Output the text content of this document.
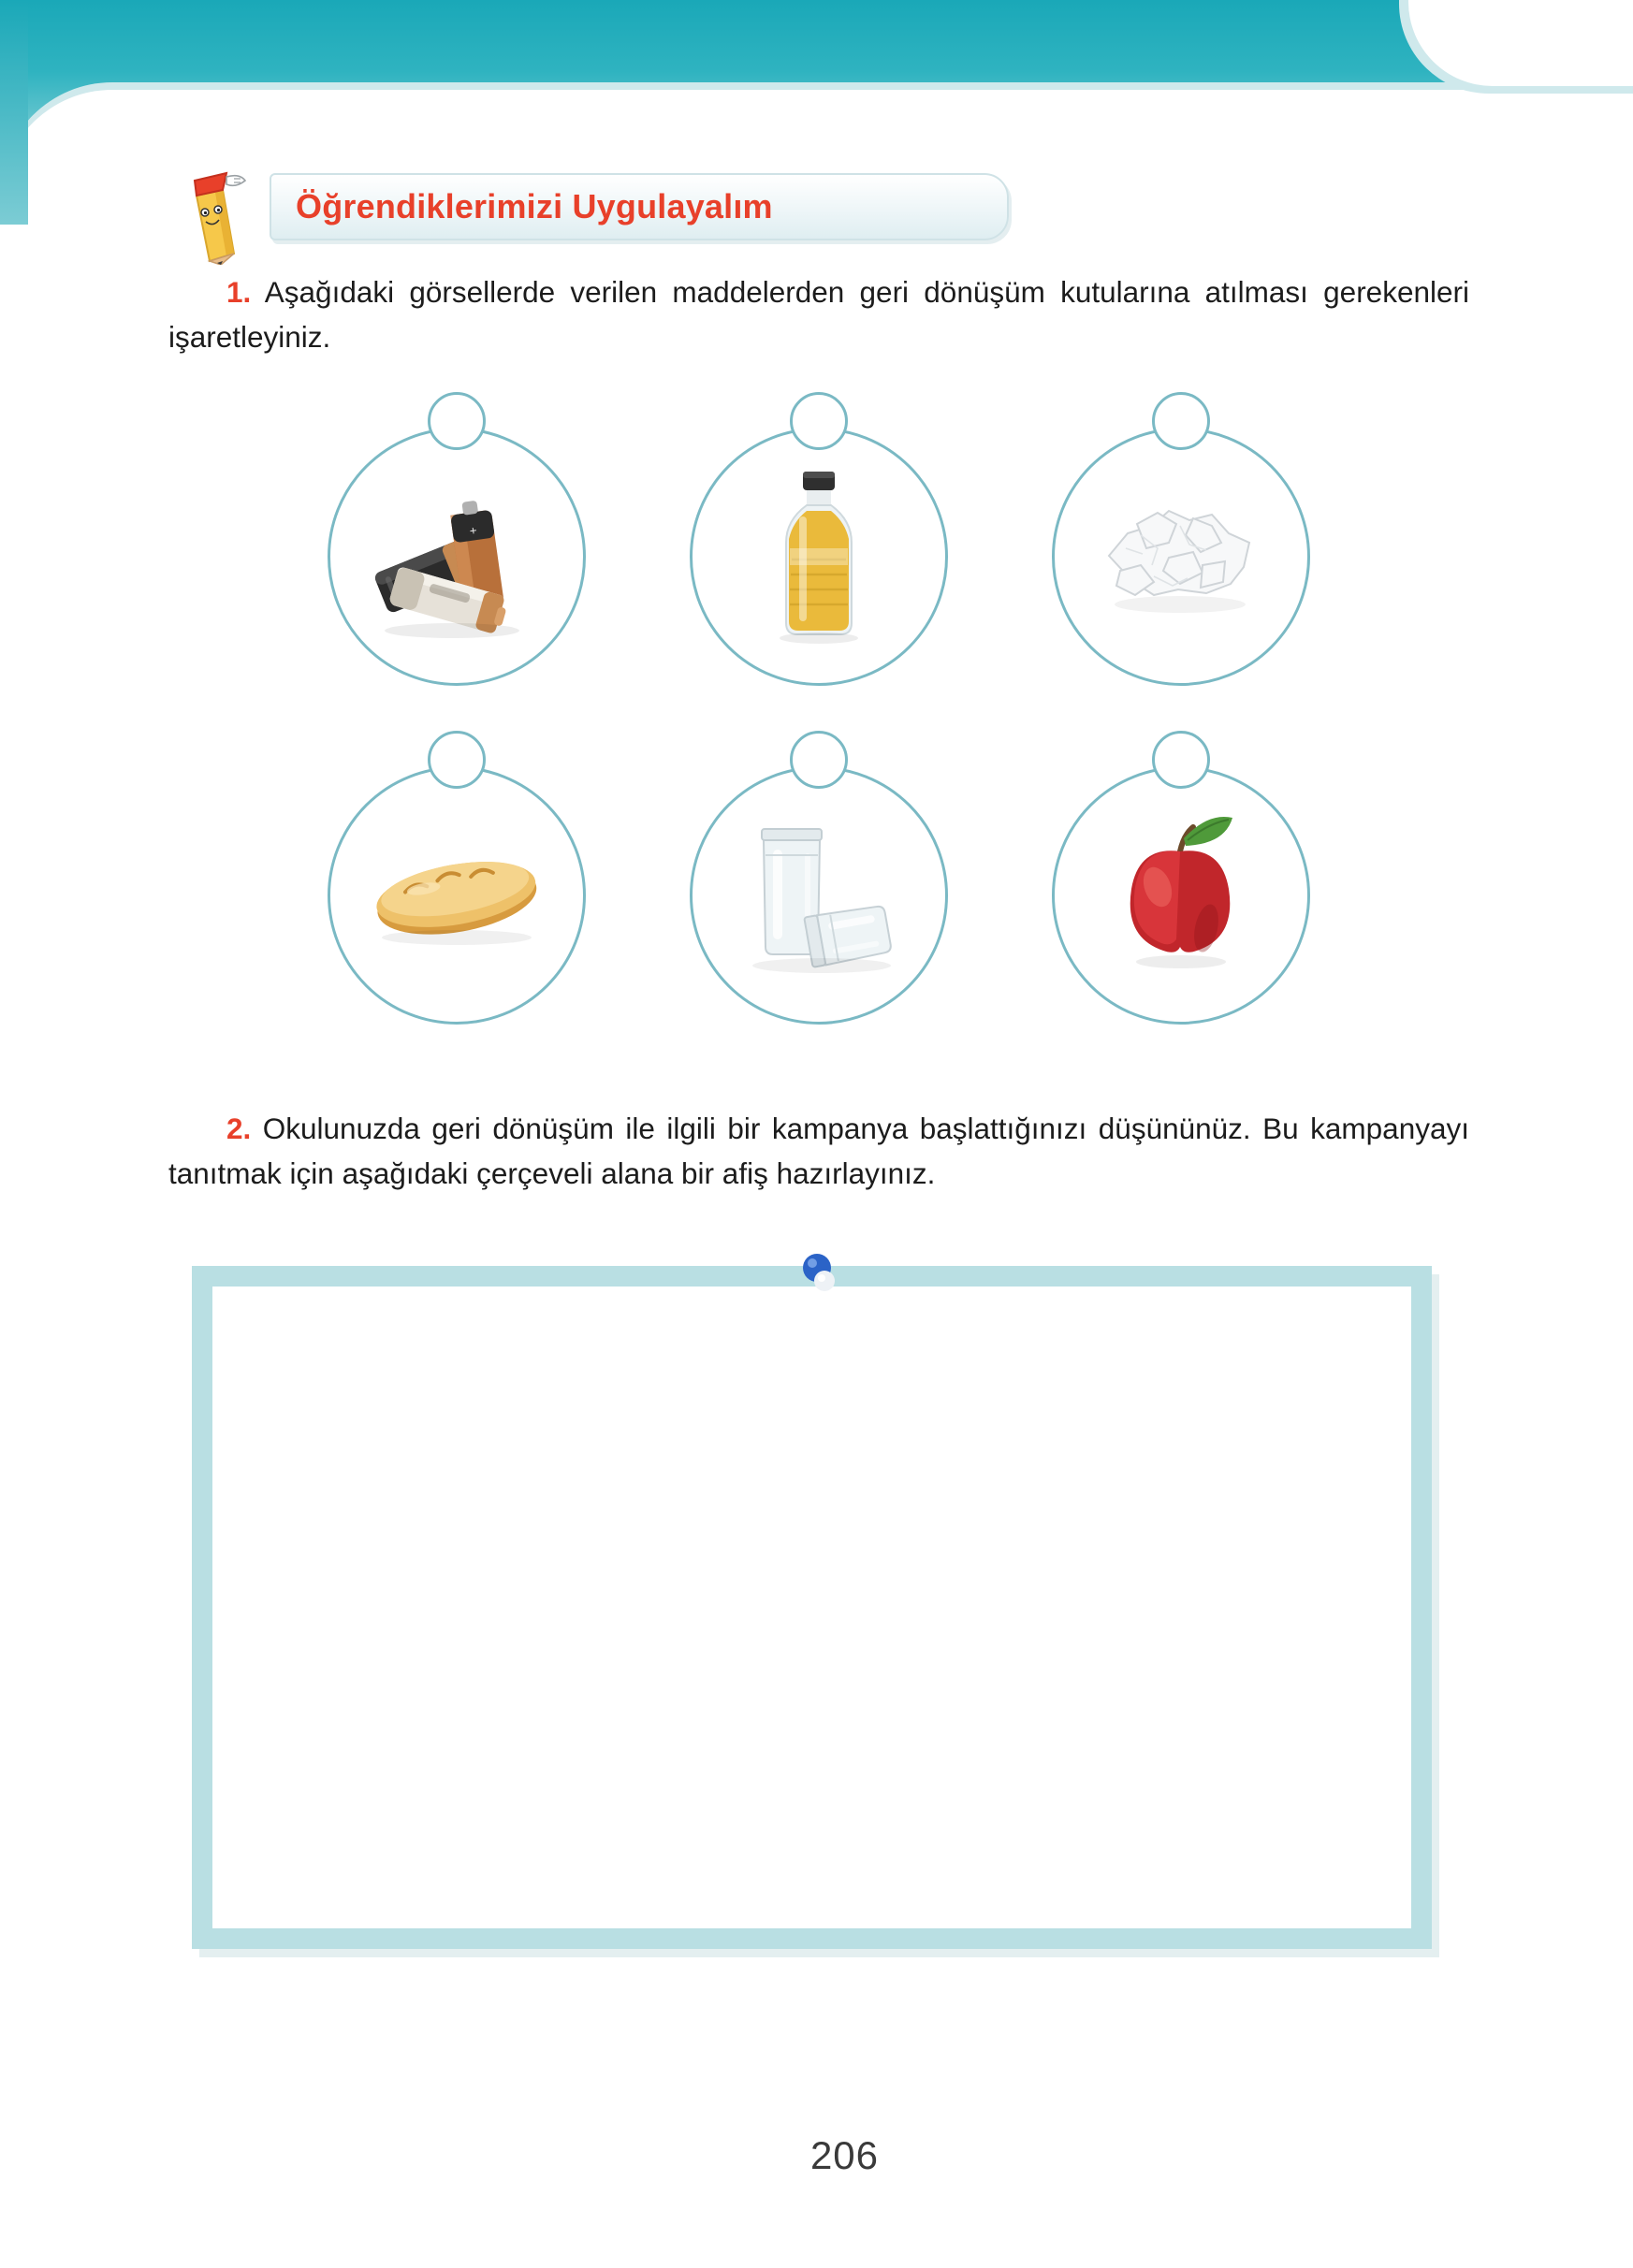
Öğrendiklerimizi Uygulayalım
1. Aşağıdaki görsellerde verilen maddelerden geri dönüşüm kutularına atılması gerekenleri işaretleyiniz.
+
2. Okulunuzda geri dönüşüm ile ilgili bir kampanya başlattığınızı düşününüz. Bu kampanyayı tanıtmak için aşağıdaki çerçeveli alana bir afiş hazırlayınız.
206
